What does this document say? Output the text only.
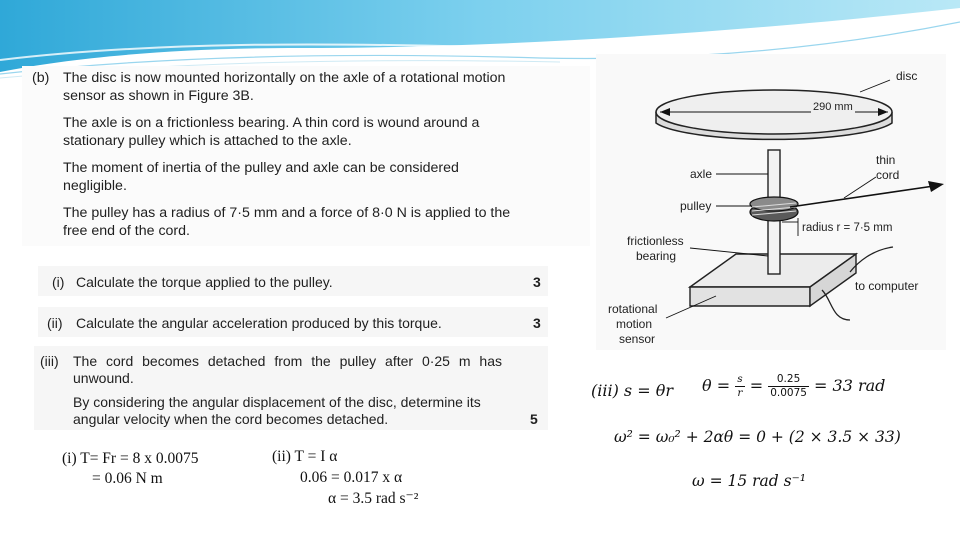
(b) The disc is now mounted horizontally on the axle of a rotational motion
sensor as shown in Figure 3B.
The axle is on a frictionless bearing. A thin cord is wound around a
stationary pulley which is attached to the axle.
The moment of inertia of the pulley and axle can be considered
negligible.
The pulley has a radius of 7·5 mm and a force of 8·0 N is applied to the
free end of the cord.
(i) Calculate the torque applied to the pulley.	3
(ii) Calculate the angular acceleration produced by this torque.	3
(iii) The cord becomes detached from the pulley after 0·25 m has
unwound.
By considering the angular displacement of the disc, determine its
angular velocity when the cord becomes detached.	5
disc
290 mm
axle
thin
cord
pulley
radius r = 7·5 mm
frictionless
bearing
to computer
rotational
motion
sensor
(i) T= Fr = 8 x 0.0075
= 0.06 N m
(ii) T = I α
0.06 = 0.017 x α
α = 3.5 rad s⁻²
(iii) s = θr $\theta = \frac{s}{r} = \frac{0.25}{0.0075} = 33$ rad
ω² = ω₀² + 2αθ = 0 + (2 × 3.5 × 33)
ω = 15 rad s⁻¹
